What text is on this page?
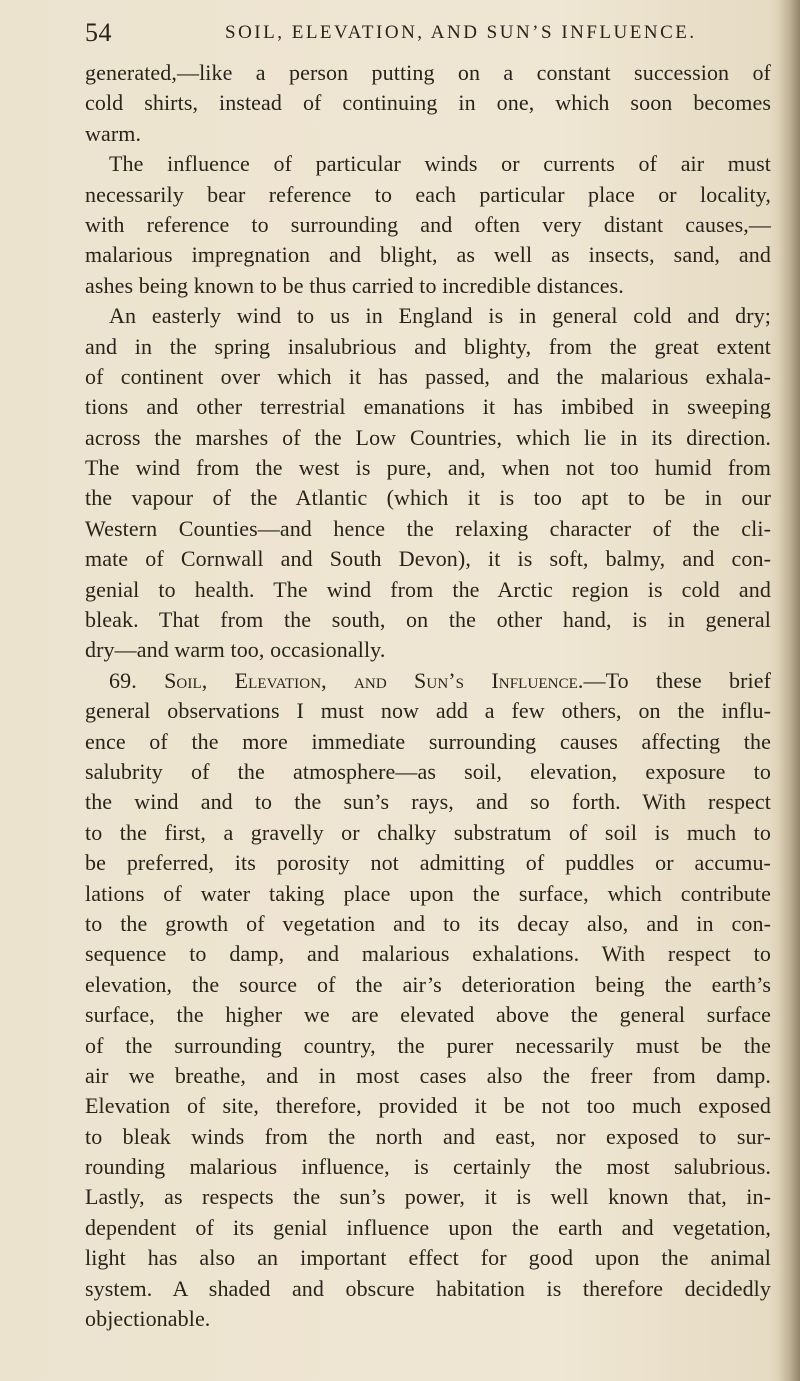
54	SOIL, ELEVATION, AND SUN’S INFLUENCE.
generated,—like a person putting on a constant succession of
cold shirts, instead of continuing in one, which soon becomes
warm.
The influence of particular winds or currents of air must
necessarily bear reference to each particular place or locality,
with reference to surrounding and often very distant causes,—
malarious impregnation and blight, as well as insects, sand, and
ashes being known to be thus carried to incredible distances.
An easterly wind to us in England is in general cold and dry;
and in the spring insalubrious and blighty, from the great extent
of continent over which it has passed, and the malarious exhala-
tions and other terrestrial emanations it has imbibed in sweeping
across the marshes of the Low Countries, which lie in its direction.
The wind from the west is pure, and, when not too humid from
the vapour of the Atlantic (which it is too apt to be in our
Western Counties—and hence the relaxing character of the cli-
mate of Cornwall and South Devon), it is soft, balmy, and con-
genial to health. The wind from the Arctic region is cold and
bleak. That from the south, on the other hand, is in general
dry—and warm too, occasionally.
69. Soil, Elevation, and Sun’s Influence.—To these brief
general observations I must now add a few others, on the influ-
ence of the more immediate surrounding causes affecting the
salubrity of the atmosphere—as soil, elevation, exposure to
the wind and to the sun’s rays, and so forth. With respect
to the first, a gravelly or chalky substratum of soil is much to
be preferred, its porosity not admitting of puddles or accumu-
lations of water taking place upon the surface, which contribute
to the growth of vegetation and to its decay also, and in con-
sequence to damp, and malarious exhalations. With respect to
elevation, the source of the air’s deterioration being the earth’s
surface, the higher we are elevated above the general surface
of the surrounding country, the purer necessarily must be the
air we breathe, and in most cases also the freer from damp.
Elevation of site, therefore, provided it be not too much exposed
to bleak winds from the north and east, nor exposed to sur-
rounding malarious influence, is certainly the most salubrious.
Lastly, as respects the sun’s power, it is well known that, in-
dependent of its genial influence upon the earth and vegetation,
light has also an important effect for good upon the animal
system. A shaded and obscure habitation is therefore decidedly
objectionable.
